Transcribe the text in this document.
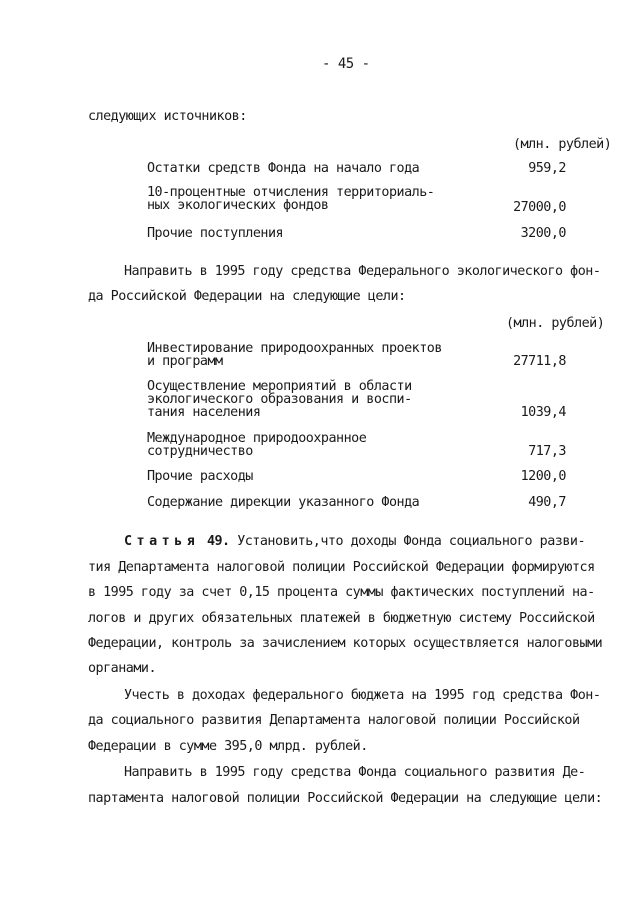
- 45 -
следующих источников:
(млн. рублей)
Остатки средств Фонда на начало года	959,2
10-процентные отчисления территориаль-
ных экологических фондов	27000,0
Прочие поступления	3200,0
Направить в 1995 году средства Федерального экологического фон-
да Российской Федерации на следующие цели:
(млн. рублей)
Инвестирование природоохранных проектов
и программ	27711,8
Осуществление мероприятий в области
экологического образования и воспи-
тания населения	1039,4
Международное природоохранное
сотрудничество	717,3
Прочие расходы	1200,0
Содержание дирекции указанного Фонда	490,7
Статья 49. Установить,что доходы Фонда социального разви-
тия Департамента налоговой полиции Российской Федерации формируются
в 1995 году за счет 0,15 процента суммы фактических поступлений на-
логов и других обязательных платежей в бюджетную систему Российской
Федерации, контроль за зачислением которых осуществляется налоговыми
органами.
Учесть в доходах федерального бюджета на 1995 год средства Фон-
да социального развития Департамента налоговой полиции Российской
Федерации в сумме 395,0 млрд. рублей.
Направить в 1995 году средства Фонда социального развития Де-
партамента налоговой полиции Российской Федерации на следующие цели:
